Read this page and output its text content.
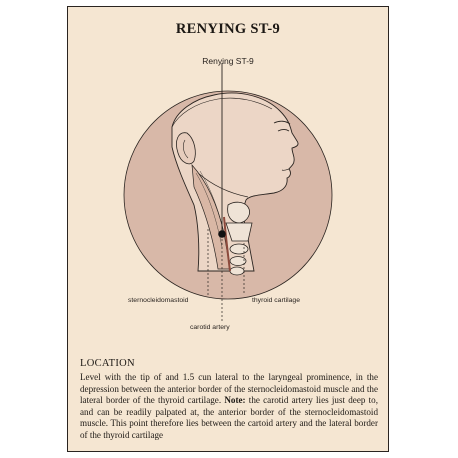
RENYING ST-9
Renying ST-9
sternocleidomastoid	thyroid cartilage
carotid artery
LOCATION
Level with the tip of and 1.5 cun lateral to the laryngeal prominence, in the depression between the anterior border of the sternocleidomastoid muscle and the lateral border of the thyroid cartilage. Note: the carotid artery lies just deep to, and can be readily palpated at, the anterior border of the sternocleidomastoid muscle. This point therefore lies between the cartoid artery and the lateral border of the thyroid cartilage
